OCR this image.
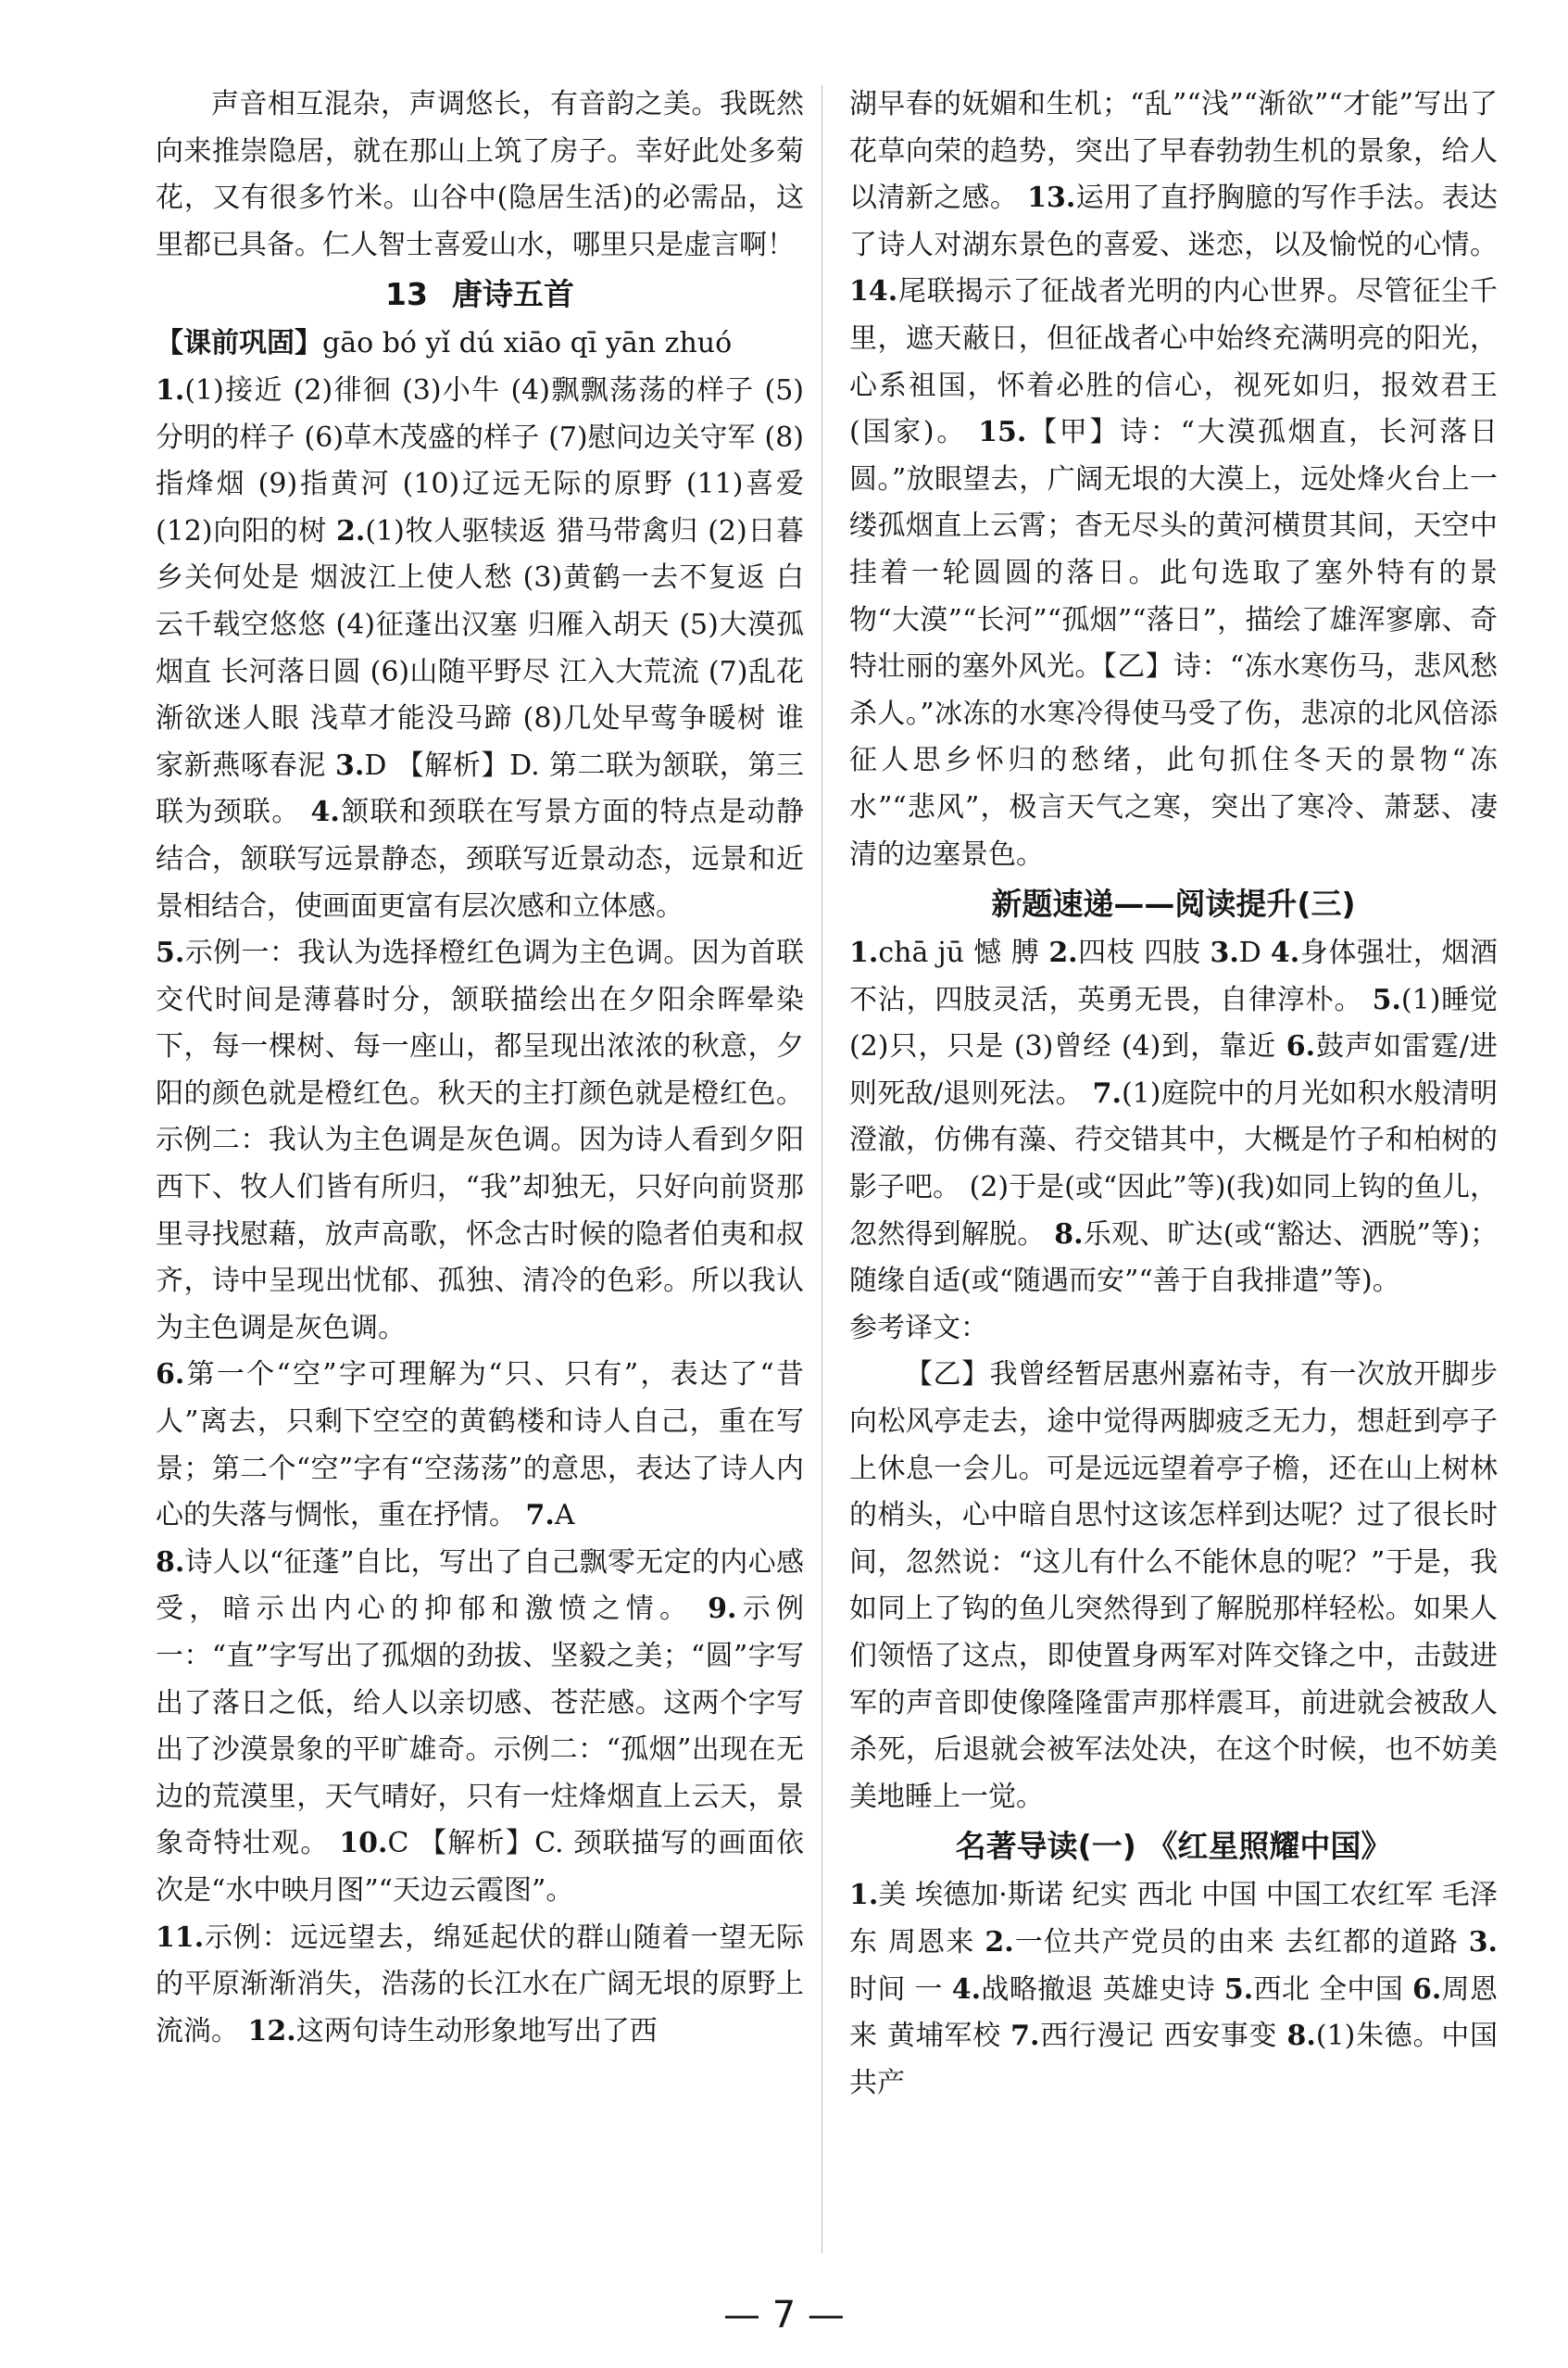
声音相互混杂，声调悠长，有音韵之美。我既然向来推崇隐居，就在那山上筑了房子。幸好此处多菊花，又有很多竹米。山谷中(隐居生活)的必需品，这里都已具备。仁人智士喜爱山水，哪里只是虚言啊！

13 唐诗五首

【课前巩固】gāo bó yǐ dú xiāo qī yān zhuó

1.(1)接近 (2)徘徊 (3)小牛 (4)飘飘荡荡的样子 (5)分明的样子 (6)草木茂盛的样子 (7)慰问边关守军 (8)指烽烟 (9)指黄河 (10)辽远无际的原野 (11)喜爱 (12)向阳的树 2.(1)牧人驱犊返 猎马带禽归 (2)日暮乡关何处是 烟波江上使人愁 (3)黄鹤一去不复返 白云千载空悠悠 (4)征蓬出汉塞 归雁入胡天 (5)大漠孤烟直 长河落日圆 (6)山随平野尽 江入大荒流 (7)乱花渐欲迷人眼 浅草才能没马蹄 (8)几处早莺争暖树 谁家新燕啄春泥 3.D 【解析】D. 第二联为颔联，第三联为颈联。 4.颔联和颈联在写景方面的特点是动静结合，颔联写远景静态，颈联写近景动态，远景和近景相结合，使画面更富有层次感和立体感。

5.示例一：我认为选择橙红色调为主色调。因为首联交代时间是薄暮时分，颔联描绘出在夕阳余晖晕染下，每一棵树、每一座山，都呈现出浓浓的秋意，夕阳的颜色就是橙红色。秋天的主打颜色就是橙红色。示例二：我认为主色调是灰色调。因为诗人看到夕阳西下、牧人们皆有所归，“我”却独无，只好向前贤那里寻找慰藉，放声高歌，怀念古时候的隐者伯夷和叔齐，诗中呈现出忧郁、孤独、清冷的色彩。所以我认为主色调是灰色调。

6.第一个“空”字可理解为“只、只有”，表达了“昔人”离去，只剩下空空的黄鹤楼和诗人自己，重在写景；第二个“空”字有“空荡荡”的意思，表达了诗人内心的失落与惆怅，重在抒情。 7.A

8.诗人以“征蓬”自比，写出了自己飘零无定的内心感受，暗示出内心的抑郁和激愤之情。 9.示例一：“直”字写出了孤烟的劲拔、坚毅之美；“圆”字写出了落日之低，给人以亲切感、苍茫感。这两个字写出了沙漠景象的平旷雄奇。示例二：“孤烟”出现在无边的荒漠里，天气晴好，只有一炷烽烟直上云天，景象奇特壮观。 10.C 【解析】C. 颈联描写的画面依次是“水中映月图”“天边云霞图”。

11.示例：远远望去，绵延起伏的群山随着一望无际的平原渐渐消失，浩荡的长江水在广阔无垠的原野上流淌。 12.这两句诗生动形象地写出了西

湖早春的妩媚和生机；“乱”“浅”“渐欲”“才能”写出了花草向荣的趋势，突出了早春勃勃生机的景象，给人以清新之感。 13.运用了直抒胸臆的写作手法。表达了诗人对湖东景色的喜爱、迷恋，以及愉悦的心情。 14.尾联揭示了征战者光明的内心世界。尽管征尘千里，遮天蔽日，但征战者心中始终充满明亮的阳光，心系祖国，怀着必胜的信心，视死如归，报效君王(国家)。 15.【甲】诗：“大漠孤烟直，长河落日圆。”放眼望去，广阔无垠的大漠上，远处烽火台上一缕孤烟直上云霄；杳无尽头的黄河横贯其间，天空中挂着一轮圆圆的落日。此句选取了塞外特有的景物“大漠”“长河”“孤烟”“落日”，描绘了雄浑寥廓、奇特壮丽的塞外风光。【乙】诗：“冻水寒伤马，悲风愁杀人。”冰冻的水寒冷得使马受了伤，悲凉的北风倍添征人思乡怀归的愁绪，此句抓住冬天的景物“冻水”“悲风”，极言天气之寒，突出了寒冷、萧瑟、凄清的边塞景色。

新题速递——阅读提升(三)

1.chā jū 憾 膊 2.四枝 四肢 3.D 4.身体强壮，烟酒不沾，四肢灵活，英勇无畏，自律淳朴。 5.(1)睡觉 (2)只，只是 (3)曾经 (4)到，靠近 6.鼓声如雷霆/进则死敌/退则死法。 7.(1)庭院中的月光如积水般清明澄澈，仿佛有藻、荇交错其中，大概是竹子和柏树的影子吧。 (2)于是(或“因此”等)(我)如同上钩的鱼儿，忽然得到解脱。 8.乐观、旷达(或“豁达、洒脱”等)；随缘自适(或“随遇而安”“善于自我排遣”等)。

参考译文：

【乙】我曾经暂居惠州嘉祐寺，有一次放开脚步向松风亭走去，途中觉得两脚疲乏无力，想赶到亭子上休息一会儿。可是远远望着亭子檐，还在山上树林的梢头，心中暗自思忖这该怎样到达呢？过了很长时间，忽然说：“这儿有什么不能休息的呢？”于是，我如同上了钩的鱼儿突然得到了解脱那样轻松。如果人们领悟了这点，即使置身两军对阵交锋之中，击鼓进军的声音即使像隆隆雷声那样震耳，前进就会被敌人杀死，后退就会被军法处决，在这个时候，也不妨美美地睡上一觉。

名著导读(一) 《红星照耀中国》

1.美 埃德加·斯诺 纪实 西北 中国 中国工农红军 毛泽东 周恩来 2.一位共产党员的由来 去红都的道路 3.时间 一 4.战略撤退 英雄史诗 5.西北 全中国 6.周恩来 黄埔军校 7.西行漫记 西安事变 8.(1)朱德。中国共产

— 7 —
